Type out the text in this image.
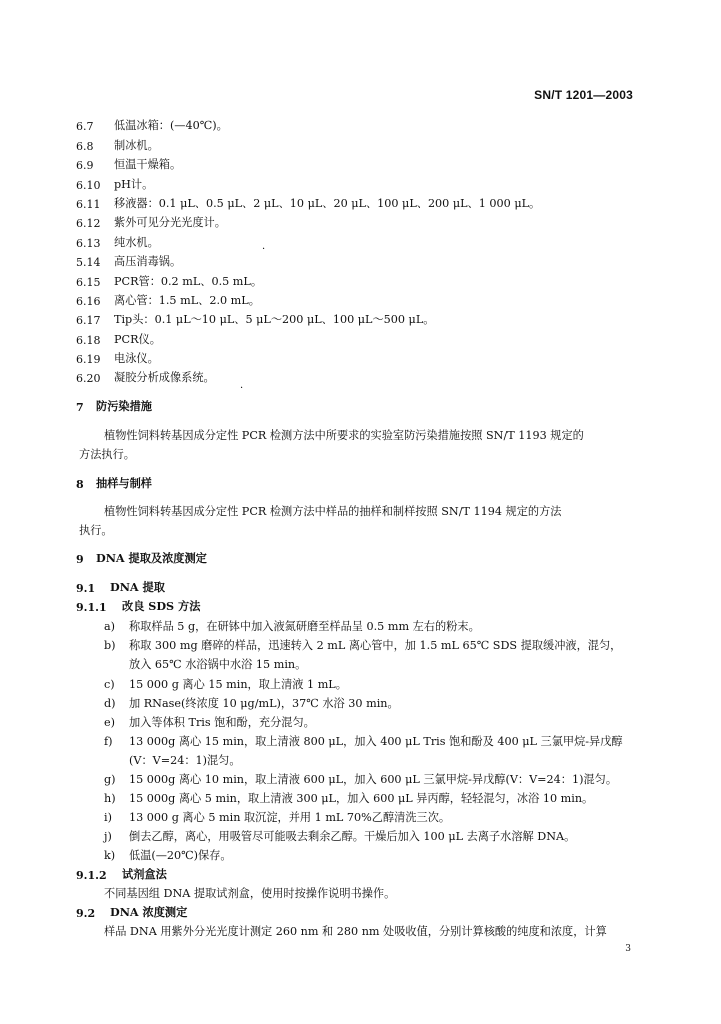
SN/T 1201—2003
6.7 低温冰箱：(—40℃)。
6.8 制冰机。
6.9 恒温干燥箱。
6.10 pH计。
6.11 移液器：0.1 μL、0.5 μL、2 μL、10 μL、20 μL、100 μL、200 μL、1 000 μL。
6.12 紫外可见分光光度计。
6.13 纯水机。
5.14 高压消毒锅。
6.15 PCR管：0.2 mL、0.5 mL。
6.16 离心管：1.5 mL、2.0 mL。
6.17 Tip头：0.1 μL～10 μL、5 μL～200 μL、100 μL～500 μL。
6.18 PCR仪。
6.19 电泳仪。
6.20 凝胶分析成像系统。
7 防污染措施
植物性饲料转基因成分定性 PCR 检测方法中所要求的实验室防污染措施按照 SN/T 1193 规定的
方法执行。
8 抽样与制样
植物性饲料转基因成分定性 PCR 检测方法中样品的抽样和制样按照 SN/T 1194 规定的方法
执行。
9 DNA 提取及浓度测定
9.1 DNA 提取
9.1.1 改良 SDS 方法
a) 称取样品 5 g，在研钵中加入液氮研磨至样品呈 0.5 mm 左右的粉末。
b) 称取 300 mg 磨碎的样品，迅速转入 2 mL 离心管中，加 1.5 mL 65℃ SDS 提取缓冲液，混匀，
放入 65℃ 水浴锅中水浴 15 min。
c) 15 000 g 离心 15 min，取上清液 1 mL。
d) 加 RNase(终浓度 10 μg/mL)，37℃ 水浴 30 min。
e) 加入等体积 Tris 饱和酚，充分混匀。
f) 13 000g 离心 15 min，取上清液 800 μL，加入 400 μL Tris 饱和酚及 400 μL 三氯甲烷-异戊醇
(V：V=24：1)混匀。
g) 15 000g 离心 10 min，取上清液 600 μL，加入 600 μL 三氯甲烷-异戊醇(V：V=24：1)混匀。
h) 15 000g 离心 5 min，取上清液 300 μL，加入 600 μL 异丙醇，轻轻混匀，冰浴 10 min。
i) 13 000 g 离心 5 min 取沉淀，并用 1 mL 70%乙醇清洗三次。
j) 倒去乙醇，离心，用吸管尽可能吸去剩余乙醇。干燥后加入 100 μL 去离子水溶解 DNA。
k) 低温(—20℃)保存。
9.1.2 试剂盒法
不同基因组 DNA 提取试剂盒，使用时按操作说明书操作。
9.2 DNA 浓度测定
样品 DNA 用紫外分光光度计测定 260 nm 和 280 nm 处吸收值，分别计算核酸的纯度和浓度，计算
3
·
·
